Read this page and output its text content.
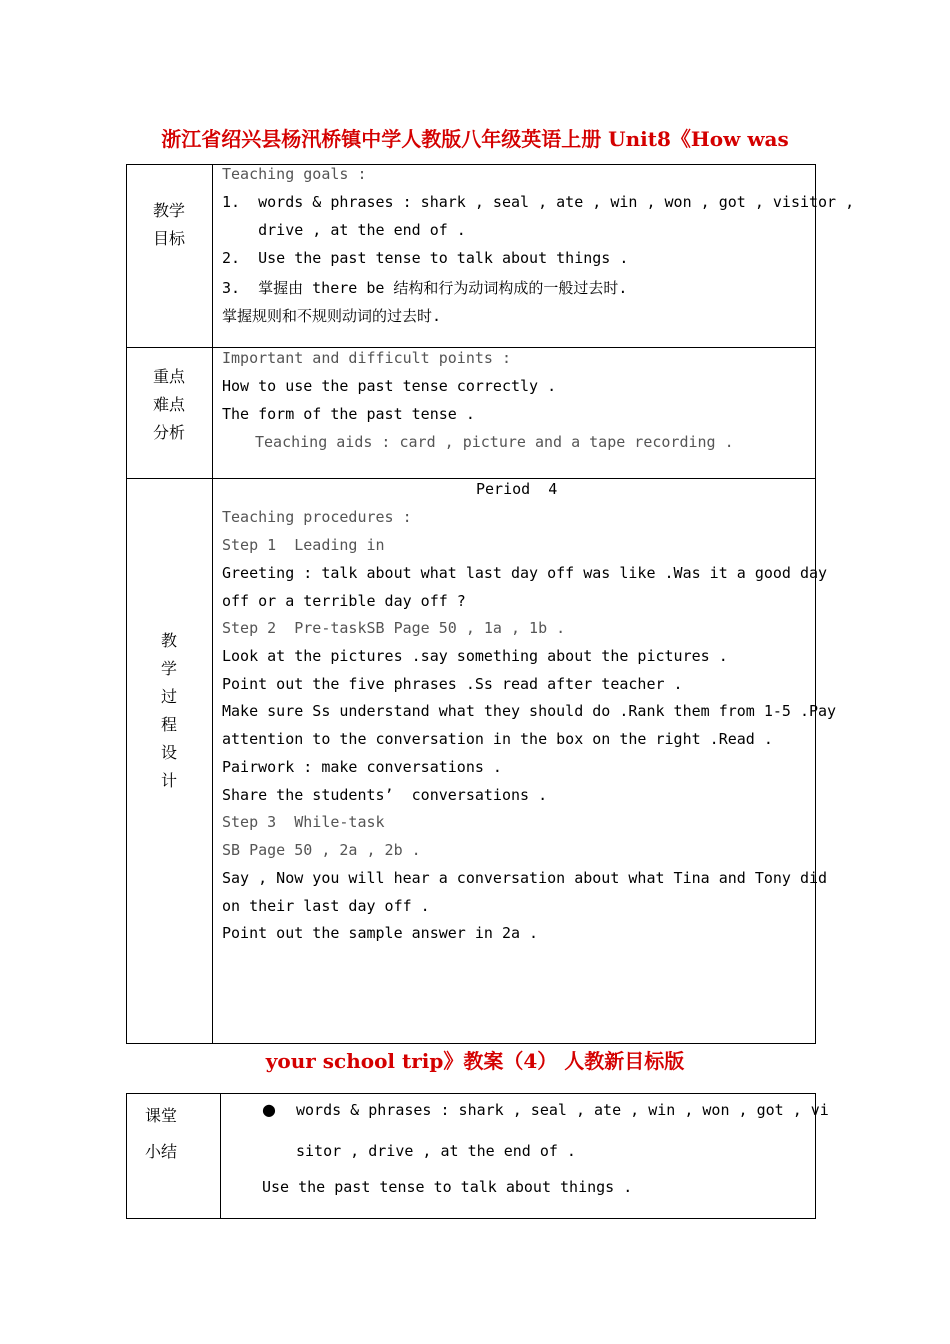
浙江省绍兴县杨汛桥镇中学人教版八年级英语上册 Unit8《How was
教学
目标
Teaching goals :
1.  words & phrases : shark , seal , ate , win , won , got , visitor ,
drive , at the end of .
2.  Use the past tense to talk about things .
3.  掌握由 there be 结构和行为动词构成的一般过去时.
掌握规则和不规则动词的过去时.
重点
难点
分析
Important and difficult points :
How to use the past tense correctly .
The form of the past tense .
Teaching aids : card , picture and a tape recording .
教
学
过
程
设
计
Period  4
Teaching procedures :
Step 1  Leading in
Greeting : talk about what last day off was like .Was it a good day
off or a terrible day off ?
Step 2  Pre-taskSB Page 50 , 1a , 1b .
Look at the pictures .say something about the pictures .
Point out the five phrases .Ss read after teacher .
Make sure Ss understand what they should do .Rank them from 1-5 .Pay
attention to the conversation in the box on the right .Read .
Pairwork : make conversations .
Share the students’  conversations .
Step 3  While-task
SB Page 50 , 2a , 2b .
Say , Now you will hear a conversation about what Tina and Tony did
on their last day off .
Point out the sample answer in 2a .
your school trip》教案（4） 人教新目标版
课堂
小结
● words & phrases : shark , seal , ate , win , won , got , vi
sitor , drive , at the end of .
Use the past tense to talk about things .
